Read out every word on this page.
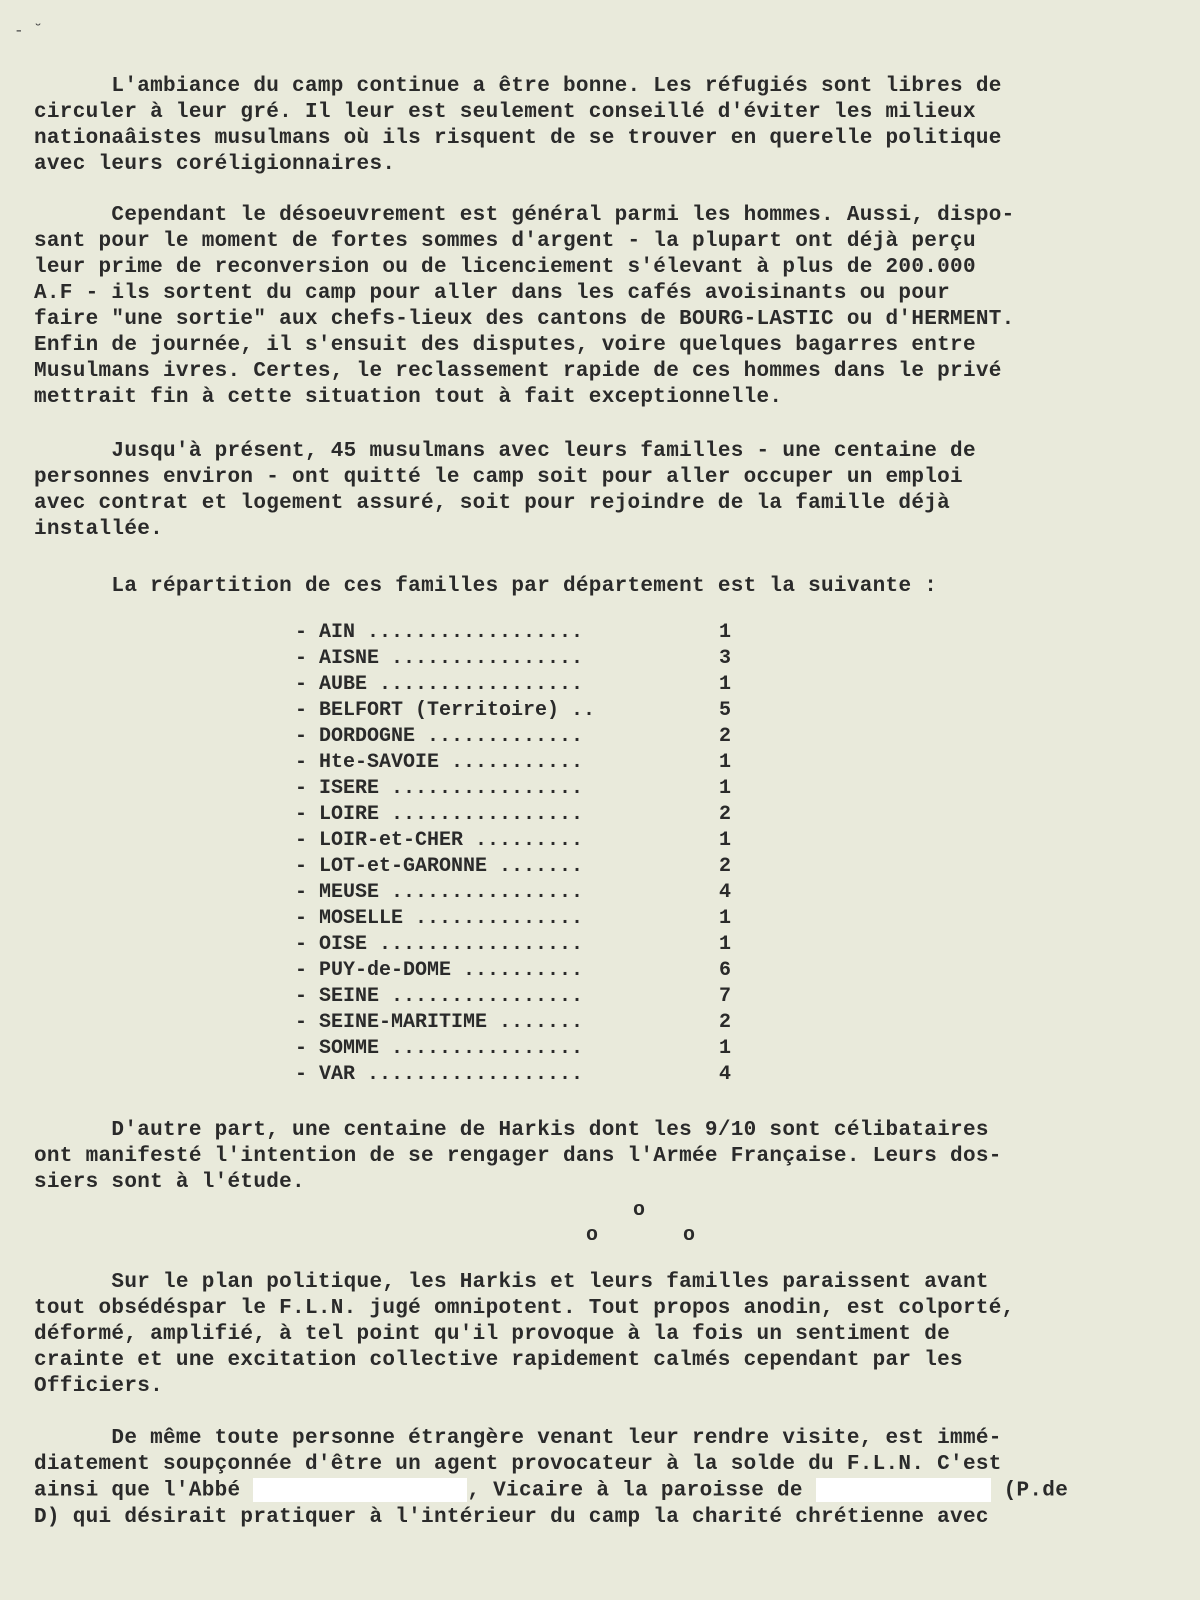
- ˘

L'ambiance du camp continue a être bonne. Les réfugiés sont libres de
circuler à leur gré. Il leur est seulement conseillé d'éviter les milieux
nationaâistes musulmans où ils risquent de se trouver en querelle politique
avec leurs coréligionnaires.

Cependant le désoeuvrement est général parmi les hommes. Aussi, dispo-
sant pour le moment de fortes sommes d'argent - la plupart ont déjà perçu
leur prime de reconversion ou de licenciement s'élevant à plus de 200.000
A.F - ils sortent du camp pour aller dans les cafés avoisinants ou pour
faire "une sortie" aux chefs-lieux des cantons de BOURG-LASTIC ou d'HERMENT.
Enfin de journée, il s'ensuit des disputes, voire quelques bagarres entre
Musulmans ivres. Certes, le reclassement rapide de ces hommes dans le privé
mettrait fin à cette situation tout à fait exceptionnelle.

Jusqu'à présent, 45 musulmans avec leurs familles - une centaine de
personnes environ - ont quitté le camp soit pour aller occuper un emploi
avec contrat et logement assuré, soit pour rejoindre de la famille déjà
installée.

La répartition de ces familles par département est la suivante :

- AIN ..................	1
- AISNE ................	3
- AUBE .................	1
- BELFORT (Territoire) ..	5
- DORDOGNE .............	2
- Hte-SAVOIE ...........	1
- ISERE ................	1
- LOIRE ................	2
- LOIR-et-CHER .........	1
- LOT-et-GARONNE .......	2
- MEUSE ................	4
- MOSELLE ..............	1
- OISE .................	1
- PUY-de-DOME ..........	6
- SEINE ................	7
- SEINE-MARITIME .......	2
- SOMME ................	1
- VAR ..................	4

D'autre part, une centaine de Harkis dont les 9/10 sont célibataires
ont manifesté l'intention de se rengager dans l'Armée Française. Leurs dos-
siers sont à l'étude.

o
o	o

Sur le plan politique, les Harkis et leurs familles paraissent avant
tout obsédéspar le F.L.N. jugé omnipotent. Tout propos anodin, est colporté,
déformé, amplifié, à tel point qu'il provoque à la fois un sentiment de
crainte et une excitation collective rapidement calmés cependant par les
Officiers.

De même toute personne étrangère venant leur rendre visite, est immé-
diatement soupçonnée d'être un agent provocateur à la solde du F.L.N. C'est
ainsi que l'Abbé	, Vicaire à la paroisse de	(P.de
D) qui désirait pratiquer à l'intérieur du camp la charité chrétienne avec
